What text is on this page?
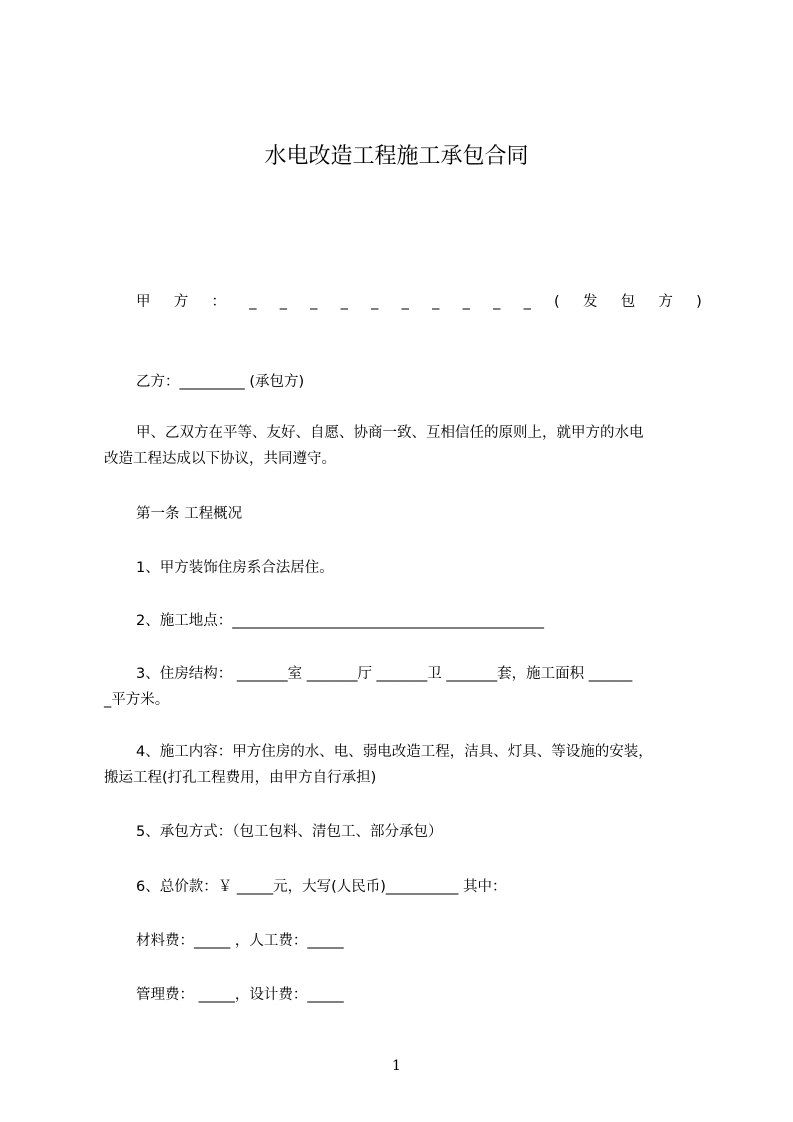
水电改造工程施工承包合同
甲 方 ： _ _ _ _ _ _ _ _ _ _ ( 发 包 方 )
乙方：_________ (承包方)
甲、乙双方在平等、友好、自愿、协商一致、互相信任的原则上，就甲方的水电
改造工程达成以下协议，共同遵守。
第一条 工程概况
1、甲方装饰住房系合法居住。
2、施工地点：___________________________________________
3、住房结构： _______室 _______厅 _______卫 _______套，施工面积 ______
_平方米。
4、施工内容：甲方住房的水、电、弱电改造工程，洁具、灯具、等设施的安装，
搬运工程(打孔工程费用，由甲方自行承担)
5、承包方式：（包工包料、清包工、部分承包）
6、总价款：￥ _____元，大写(人民币)__________ 其中：
材料费：_____ ，人工费：_____
管理费： _____，设计费：_____
1
